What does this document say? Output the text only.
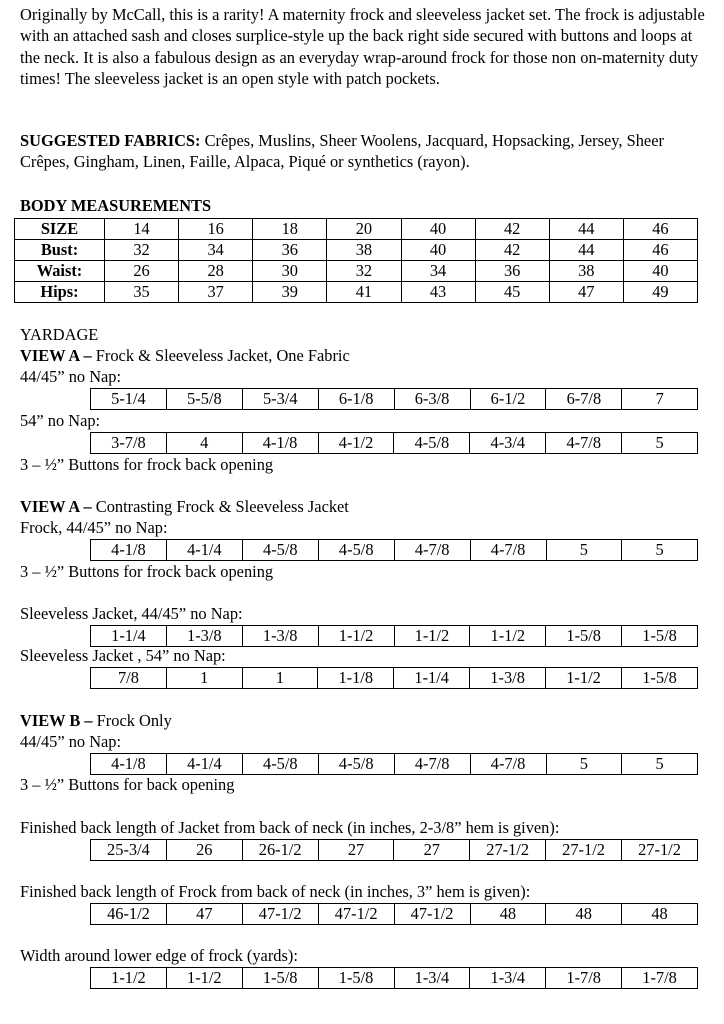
Originally by McCall, this is a rarity! A maternity frock and sleeveless jacket set. The frock is adjustable with an attached sash and closes surplice-style up the back right side secured with buttons and loops at the neck. It is also a fabulous design as an everyday wrap-around frock for those non on-maternity duty times! The sleeveless jacket is an open style with patch pockets.

SUGGESTED FABRICS: Crêpes, Muslins, Sheer Woolens, Jacquard, Hopsacking, Jersey, Sheer Crêpes, Gingham, Linen, Faille, Alpaca, Piqué or synthetics (rayon).

BODY MEASUREMENTS
SIZE	14	16	18	20	40	42	44	46
Bust:	32	34	36	38	40	42	44	46
Waist:	26	28	30	32	34	36	38	40
Hips:	35	37	39	41	43	45	47	49
YARDAGE
VIEW A – Frock & Sleeveless Jacket, One Fabric
44/45” no Nap:
5-1/4	5-5/8	5-3/4	6-1/8	6-3/8	6-1/2	6-7/8	7
54” no Nap:
3-7/8	4	4-1/8	4-1/2	4-5/8	4-3/4	4-7/8	5
3 – ½” Buttons for frock back opening
VIEW A – Contrasting Frock & Sleeveless Jacket
Frock, 44/45” no Nap:
4-1/8	4-1/4	4-5/8	4-5/8	4-7/8	4-7/8	5	5
3 – ½” Buttons for frock back opening
Sleeveless Jacket, 44/45” no Nap:
1-1/4	1-3/8	1-3/8	1-1/2	1-1/2	1-1/2	1-5/8	1-5/8
Sleeveless Jacket , 54” no Nap:
7/8	1	1	1-1/8	1-1/4	1-3/8	1-1/2	1-5/8
VIEW B – Frock Only
44/45” no Nap:
4-1/8	4-1/4	4-5/8	4-5/8	4-7/8	4-7/8	5	5
3 – ½” Buttons for back opening
Finished back length of Jacket from back of neck (in inches, 2-3/8” hem is given):
25-3/4	26	26-1/2	27	27	27-1/2	27-1/2	27-1/2
Finished back length of Frock from back of neck (in inches, 3” hem is given):
46-1/2	47	47-1/2	47-1/2	47-1/2	48	48	48
Width around lower edge of frock (yards):
1-1/2	1-1/2	1-5/8	1-5/8	1-3/4	1-3/4	1-7/8	1-7/8
